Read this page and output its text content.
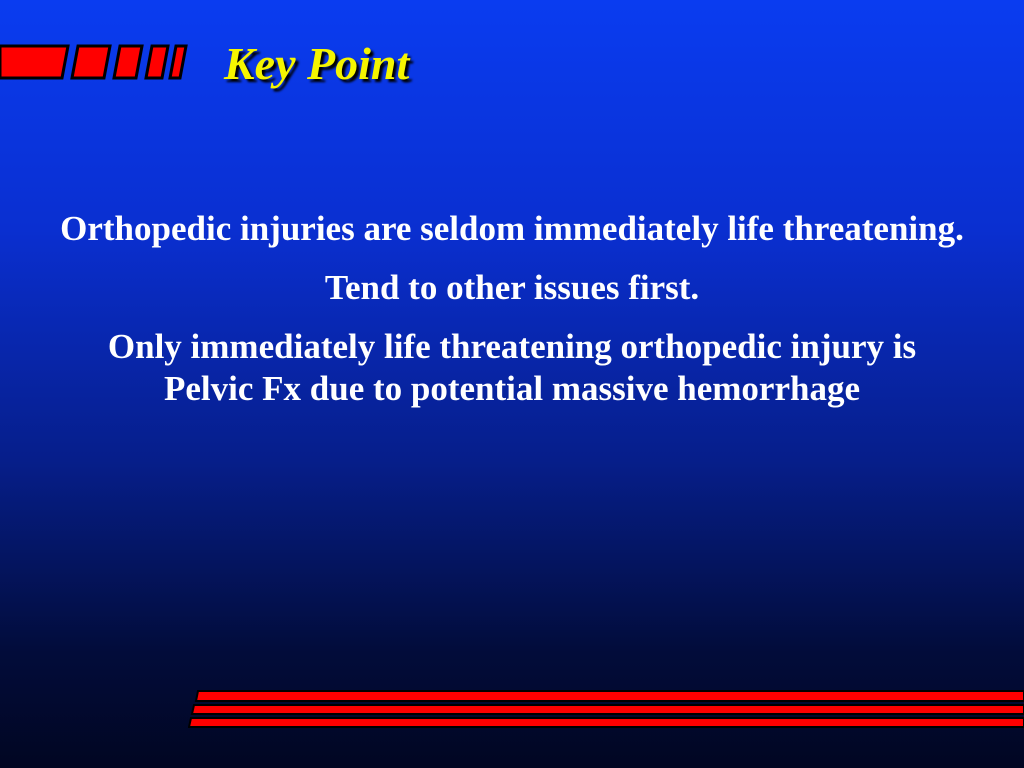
Key Point

Orthopedic injuries are seldom immediately life threatening.

Tend to other issues first.

Only immediately life threatening orthopedic injury is Pelvic Fx due to potential massive hemorrhage
